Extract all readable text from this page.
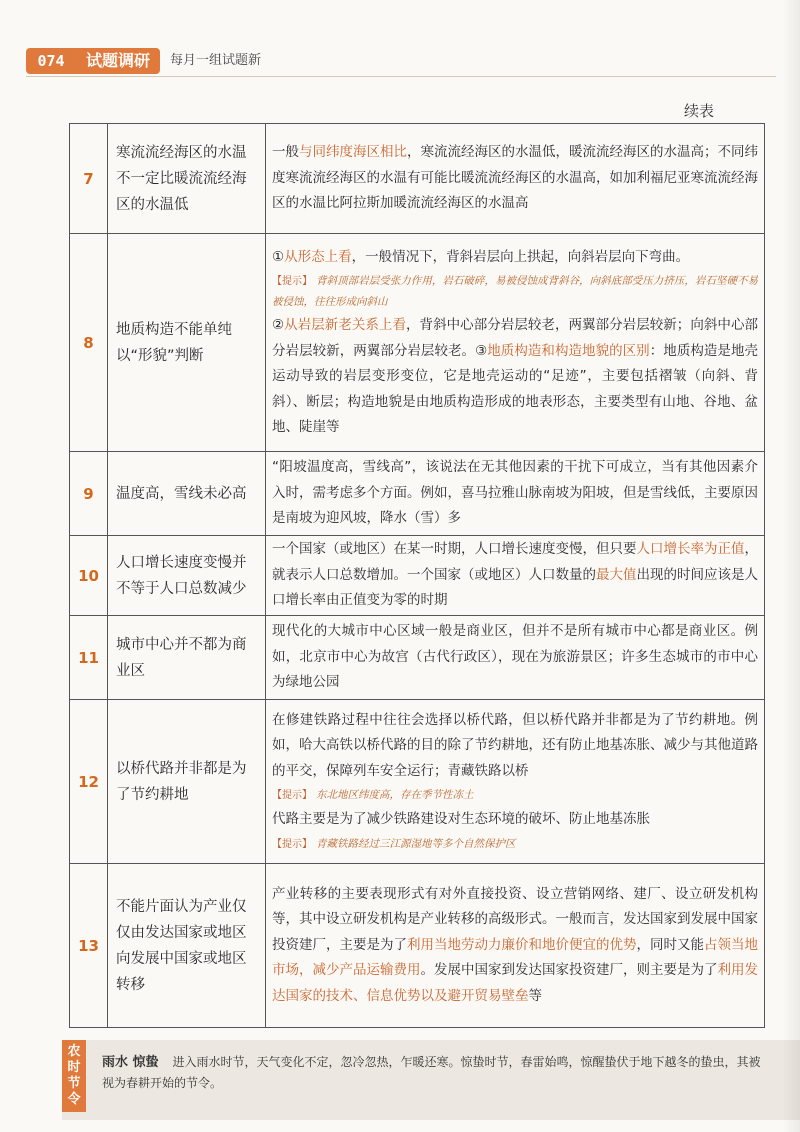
074	试题调研	每月一组试题新
续表
7	寒流流经海区的水温不一定比暖流流经海区的水温低	一般与同纬度海区相比，寒流流经海区的水温低，暖流流经海区的水温高；不同纬度寒流流经海区的水温有可能比暖流流经海区的水温高，如加利福尼亚寒流流经海区的水温比阿拉斯加暖流流经海区的水温高
8	地质构造不能单纯以“形貌”判断	①从形态上看，一般情况下，背斜岩层向上拱起，向斜岩层向下弯曲。
【提示】 背斜顶部岩层受张力作用，岩石破碎，易被侵蚀成背斜谷，向斜底部受压力挤压，岩石坚硬不易被侵蚀，往往形成向斜山
②从岩层新老关系上看，背斜中心部分岩层较老，两翼部分岩层较新；向斜中心部分岩层较新，两翼部分岩层较老。③地质构造和构造地貌的区别：地质构造是地壳运动导致的岩层变形变位，它是地壳运动的“足迹”，主要包括褶皱（向斜、背斜）、断层；构造地貌是由地质构造形成的地表形态，主要类型有山地、谷地、盆地、陡崖等
9	温度高，雪线未必高	“阳坡温度高，雪线高”，该说法在无其他因素的干扰下可成立，当有其他因素介入时，需考虑多个方面。例如，喜马拉雅山脉南坡为阳坡，但是雪线低，主要原因是南坡为迎风坡，降水（雪）多
10	人口增长速度变慢并不等于人口总数减少	一个国家（或地区）在某一时期，人口增长速度变慢，但只要人口增长率为正值，就表示人口总数增加。一个国家（或地区）人口数量的最大值出现的时间应该是人口增长率由正值变为零的时期
11	城市中心并不都为商业区	现代化的大城市中心区域一般是商业区，但并不是所有城市中心都是商业区。例如，北京市中心为故宫（古代行政区），现在为旅游景区；许多生态城市的市中心为绿地公园
12	以桥代路并非都是为了节约耕地	在修建铁路过程中往往会选择以桥代路，但以桥代路并非都是为了节约耕地。例如，哈大高铁以桥代路的目的除了节约耕地，还有防止地基冻胀、减少与其他道路的平交，保障列车安全运行；青藏铁路以桥
【提示】 东北地区纬度高，存在季节性冻土
代路主要是为了减少铁路建设对生态环境的破坏、防止地基冻胀
【提示】 青藏铁路经过三江源湿地等多个自然保护区

13	不能片面认为产业仅仅由发达国家或地区向发展中国家或地区转移	产业转移的主要表现形式有对外直接投资、设立营销网络、建厂、设立研发机构等，其中设立研发机构是产业转移的高级形式。一般而言，发达国家到发展中国家投资建厂，主要是为了利用当地劳动力廉价和地价便宜的优势，同时又能占领当地市场，减少产品运输费用。发展中国家到发达国家投资建厂，则主要是为了利用发达国家的技术、信息优势以及避开贸易壁垒等
农时节令
雨水 惊蛰 进入雨水时节，天气变化不定，忽冷忽热，乍暖还寒。惊蛰时节，春雷始鸣，惊醒蛰伏于地下越冬的蛰虫，其被视为春耕开始的节令。
